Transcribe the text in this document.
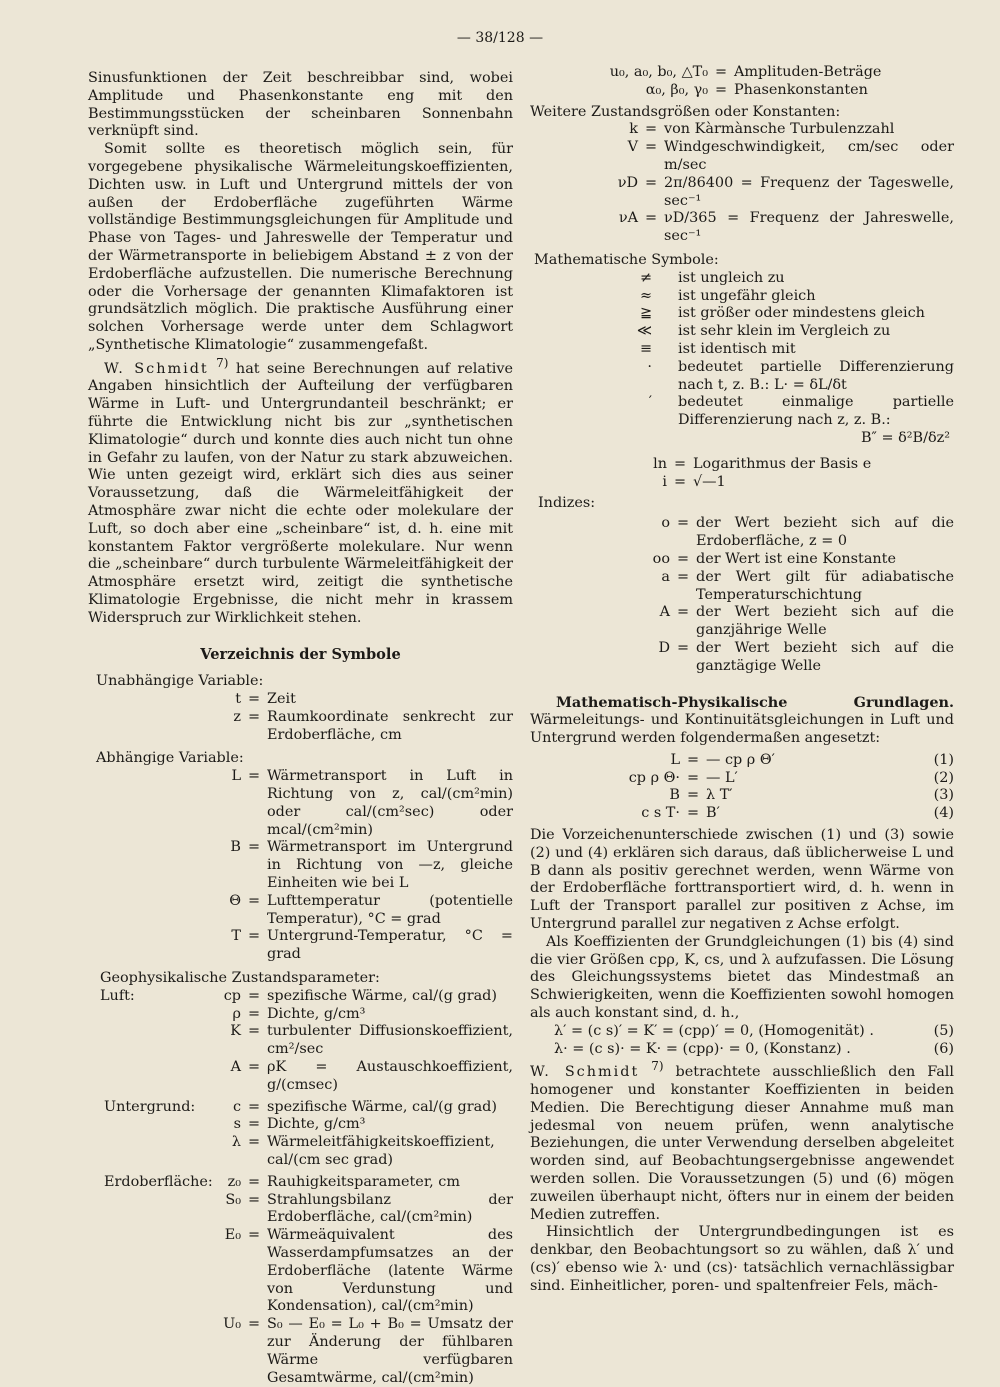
— 38/128 —

Sinusfunktionen der Zeit beschreibbar sind, wobei Amplitude und Phasenkonstante eng mit den Bestimmungsstücken der scheinbaren Sonnenbahn verknüpft sind.

Somit sollte es theoretisch möglich sein, für vorgegebene physikalische Wärmeleitungskoeffizienten, Dichten usw. in Luft und Untergrund mittels der von außen der Erdoberfläche zugeführten Wärme vollständige Bestimmungsgleichungen für Amplitude und Phase von Tages- und Jahreswelle der Temperatur und der Wärmetransporte in beliebigem Abstand ± z von der Erdoberfläche aufzustellen. Die numerische Berechnung oder die Vorhersage der genannten Klimafaktoren ist grundsätzlich möglich. Die praktische Ausführung einer solchen Vorhersage werde unter dem Schlagwort „Synthetische Klimatologie“ zusammengefaßt.

W. Schmidt $^{7)}$ hat seine Berechnungen auf relative Angaben hinsichtlich der Aufteilung der verfügbaren Wärme in Luft- und Untergrundanteil beschränkt; er führte die Entwicklung nicht bis zur „synthetischen Klimatologie“ durch und konnte dies auch nicht tun ohne in Gefahr zu laufen, von der Natur zu stark abzuweichen. Wie unten gezeigt wird, erklärt sich dies aus seiner Voraussetzung, daß die Wärmeleitfähigkeit der Atmosphäre zwar nicht die echte oder molekulare der Luft, so doch aber eine „scheinbare“ ist, d. h. eine mit konstantem Faktor vergrößerte molekulare. Nur wenn die „scheinbare“ durch turbulente Wärmeleitfähigkeit der Atmosphäre ersetzt wird, zeitigt die synthetische Klimatologie Ergebnisse, die nicht mehr in krassem Widerspruch zur Wirklichkeit stehen.

Verzeichnis der Symbole
Unabhängige Variable:
t = Zeit
z = Raumkoordinate senkrecht zur Erdoberfläche, cm
Abhängige Variable:
L = Wärmetransport in Luft in Richtung von z, cal/(cm²min) oder cal/(cm²sec) oder mcal/(cm²min)
B = Wärmetransport im Untergrund in Richtung von —z, gleiche Einheiten wie bei L
Θ = Lufttemperatur (potentielle Temperatur), °C = grad
T = Untergrund-Temperatur, °C = grad
Geophysikalische Zustandsparameter:
Luft:	cp = spezifische Wärme, cal/(g grad)
ρ = Dichte, g/cm³
K = turbulenter Diffusionskoeffizient, cm²/sec
A = ρK = Austauschkoeffizient, g/(cmsec)
Untergrund:	c = spezifische Wärme, cal/(g grad)
s = Dichte, g/cm³
λ = Wärmeleitfähigkeitskoeffizient, cal/(cm sec grad)
Erdoberfläche:	z₀ = Rauhigkeitsparameter, cm
S₀ = Strahlungsbilanz der Erdoberfläche, cal/(cm²min)
E₀ = Wärmeäquivalent des Wasserdampfumsatzes an der Erdoberfläche (latente Wärme von Verdunstung und Kondensation), cal/(cm²min)
U₀ = S₀ — E₀ = L₀ + B₀ = Umsatz der zur Änderung der fühlbaren Wärme verfügbaren Gesamtwärme, cal/(cm²min)
u₀, a₀, b₀, △T₀ = Amplituden-Beträge
α₀, β₀, γ₀ = Phasenkonstanten
Weitere Zustandsgrößen oder Konstanten:
k = von Kàrmànsche Turbulenzzahl
V = Windgeschwindigkeit, cm/sec oder m/sec
νD = 2π/86400 = Frequenz der Tageswelle, sec⁻¹
νA = νD/365 = Frequenz der Jahreswelle, sec⁻¹
Mathematische Symbole:
≠ ist ungleich zu
≈ ist ungefähr gleich
≧ ist größer oder mindestens gleich
≪ ist sehr klein im Vergleich zu
≡ ist identisch mit
· bedeutet partielle Differenzierung nach t, z. B.: L· = δL/δt
′ bedeutet einmalige partielle Differenzierung nach z, z. B.:
B″ = δ²B/δz²
ln = Logarithmus der Basis e
i = √—1
Indizes:
o = der Wert bezieht sich auf die Erdoberfläche, z = 0
oo = der Wert ist eine Konstante
a = der Wert gilt für adiabatische Temperaturschichtung
A = der Wert bezieht sich auf die ganzjährige Welle
D = der Wert bezieht sich auf die ganztägige Welle

Mathematisch-Physikalische Grundlagen. Wärmeleitungs- und Kontinuitätsgleichungen in Luft und Untergrund werden folgendermaßen angesetzt:

L = — cp ρ Θ′	(1)
cp ρ Θ· = — L′	(2)
B = λ T′	(3)
c s T· = B′	(4)

Die Vorzeichenunterschiede zwischen (1) und (3) sowie (2) und (4) erklären sich daraus, daß üblicherweise L und B dann als positiv gerechnet werden, wenn Wärme von der Erdoberfläche forttransportiert wird, d. h. wenn in Luft der Transport parallel zur positiven z Achse, im Untergrund parallel zur negativen z Achse erfolgt.

Als Koeffizienten der Grundgleichungen (1) bis (4) sind die vier Größen cpρ, K, cs, und λ aufzufassen. Die Lösung des Gleichungssystems bietet das Mindestmaß an Schwierigkeiten, wenn die Koeffizienten sowohl homogen als auch konstant sind, d. h.,

λ′ = (c s)′ = K′ = (cpρ)′ = 0, (Homogenität) .	(5)
λ· = (c s)· = K· = (cpρ)· = 0, (Konstanz) .	(6)

W. Schmidt $^{7)}$ betrachtete ausschließlich den Fall homogener und konstanter Koeffizienten in beiden Medien. Die Berechtigung dieser Annahme muß man jedesmal von neuem prüfen, wenn analytische Beziehungen, die unter Verwendung derselben abgeleitet worden sind, auf Beobachtungsergebnisse angewendet werden sollen. Die Voraussetzungen (5) und (6) mögen zuweilen überhaupt nicht, öfters nur in einem der beiden Medien zutreffen.

Hinsichtlich der Untergrundbedingungen ist es denkbar, den Beobachtungsort so zu wählen, daß λ′ und (cs)′ ebenso wie λ· und (cs)· tatsächlich vernachlässigbar sind. Einheitlicher, poren- und spaltenfreier Fels, mäch-
